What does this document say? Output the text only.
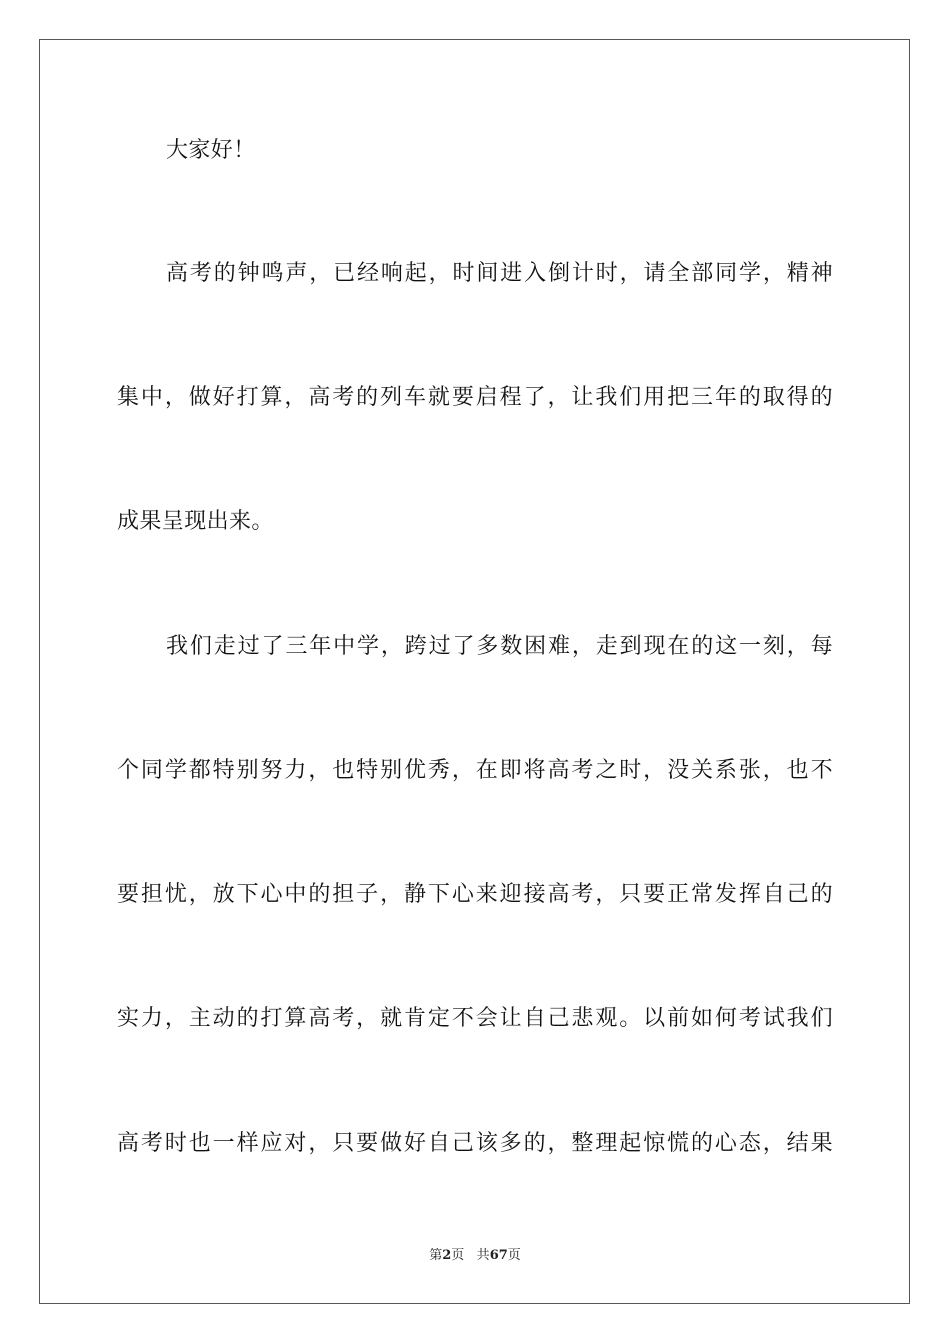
大家好！
高考的钟鸣声，已经响起，时间进入倒计时，请全部同学，精神
集中，做好打算，高考的列车就要启程了，让我们用把三年的取得的
成果呈现出来。
我们走过了三年中学，跨过了多数困难，走到现在的这一刻，每
个同学都特别努力，也特别优秀，在即将高考之时，没关系张，也不
要担忧，放下心中的担子，静下心来迎接高考，只要正常发挥自己的
实力，主动的打算高考，就肯定不会让自己悲观。以前如何考试我们
高考时也一样应对，只要做好自己该多的，整理起惊慌的心态，结果
第2页 共67页
